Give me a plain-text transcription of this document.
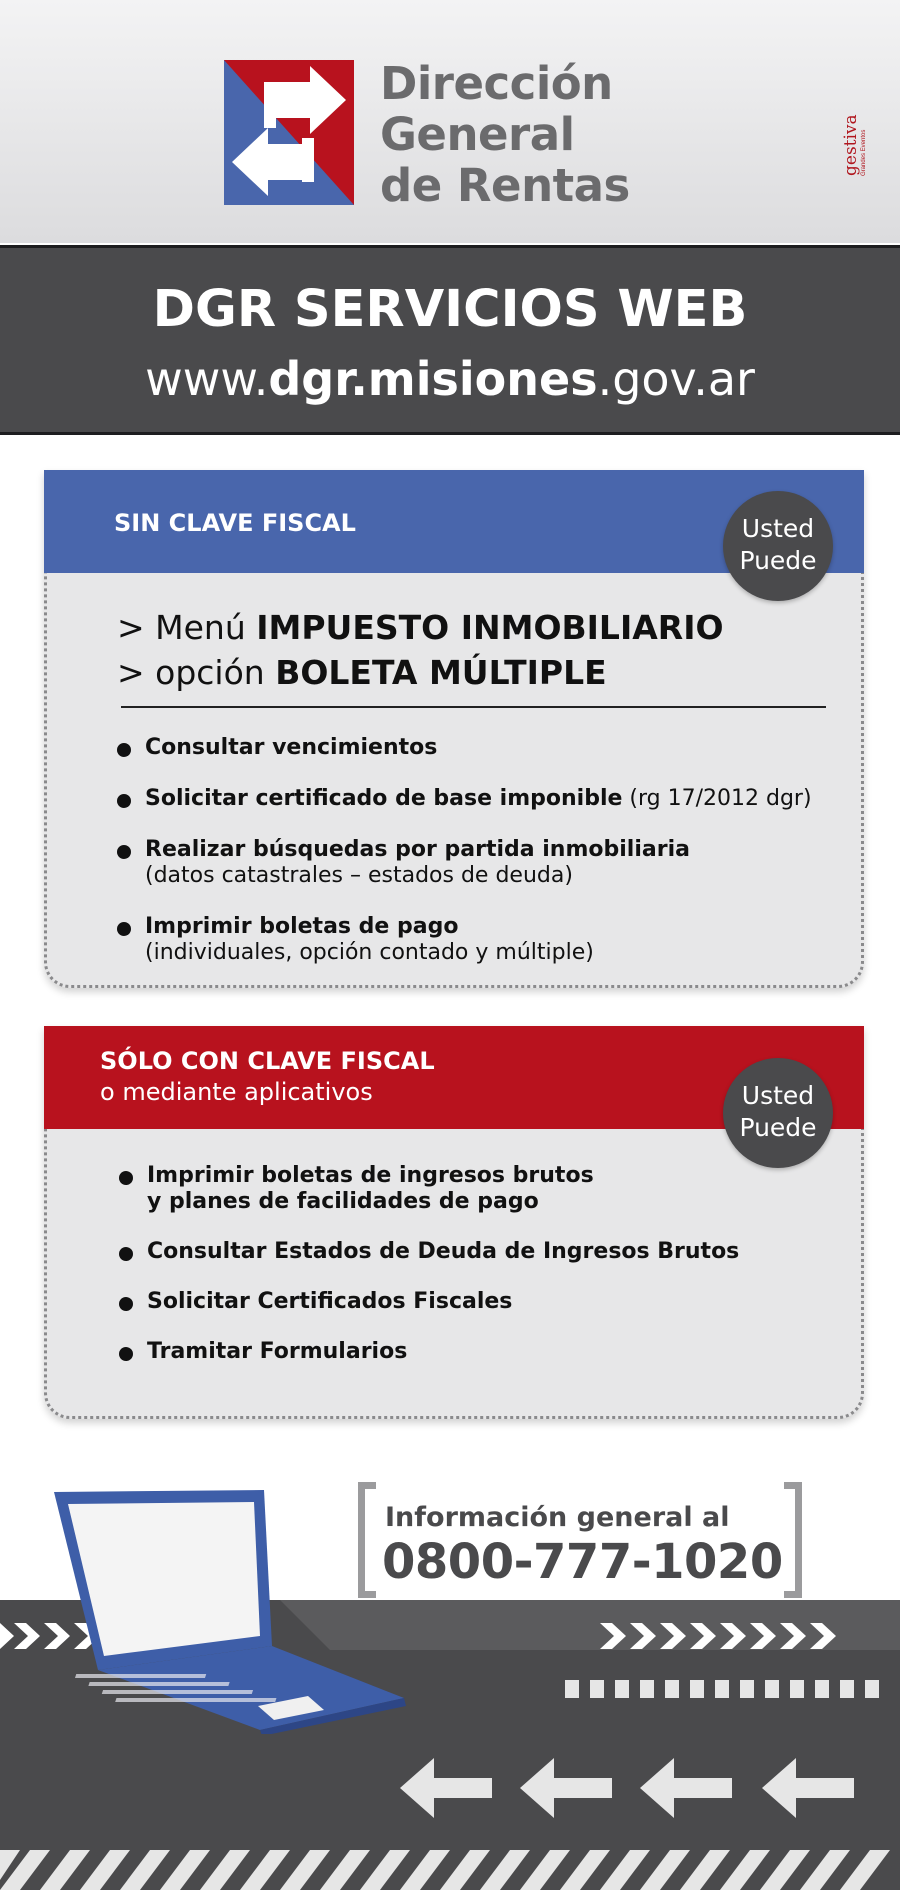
Dirección
General
de Rentas
gestiva Grandes Eventos
DGR SERVICIOS WEB
www.dgr.misiones.gov.ar
SIN CLAVE FISCAL	Usted
Puede
> Menú IMPUESTO INMOBILIARIO
> opción BOLETA MÚLTIPLE
Consultar vencimientos
Solicitar certificado de base imponible (rg 17/2012 dgr)
Realizar búsquedas por partida inmobiliaria
(datos catastrales – estados de deuda)
Imprimir boletas de pago
(individuales, opción contado y múltiple)
SÓLO CON CLAVE FISCAL
o mediante aplicativos	Usted
Puede
Imprimir boletas de ingresos brutos
y planes de facilidades de pago
Consultar Estados de Deuda de Ingresos Brutos
Solicitar Certificados Fiscales
Tramitar Formularios
Información general al
0800-777-1020
